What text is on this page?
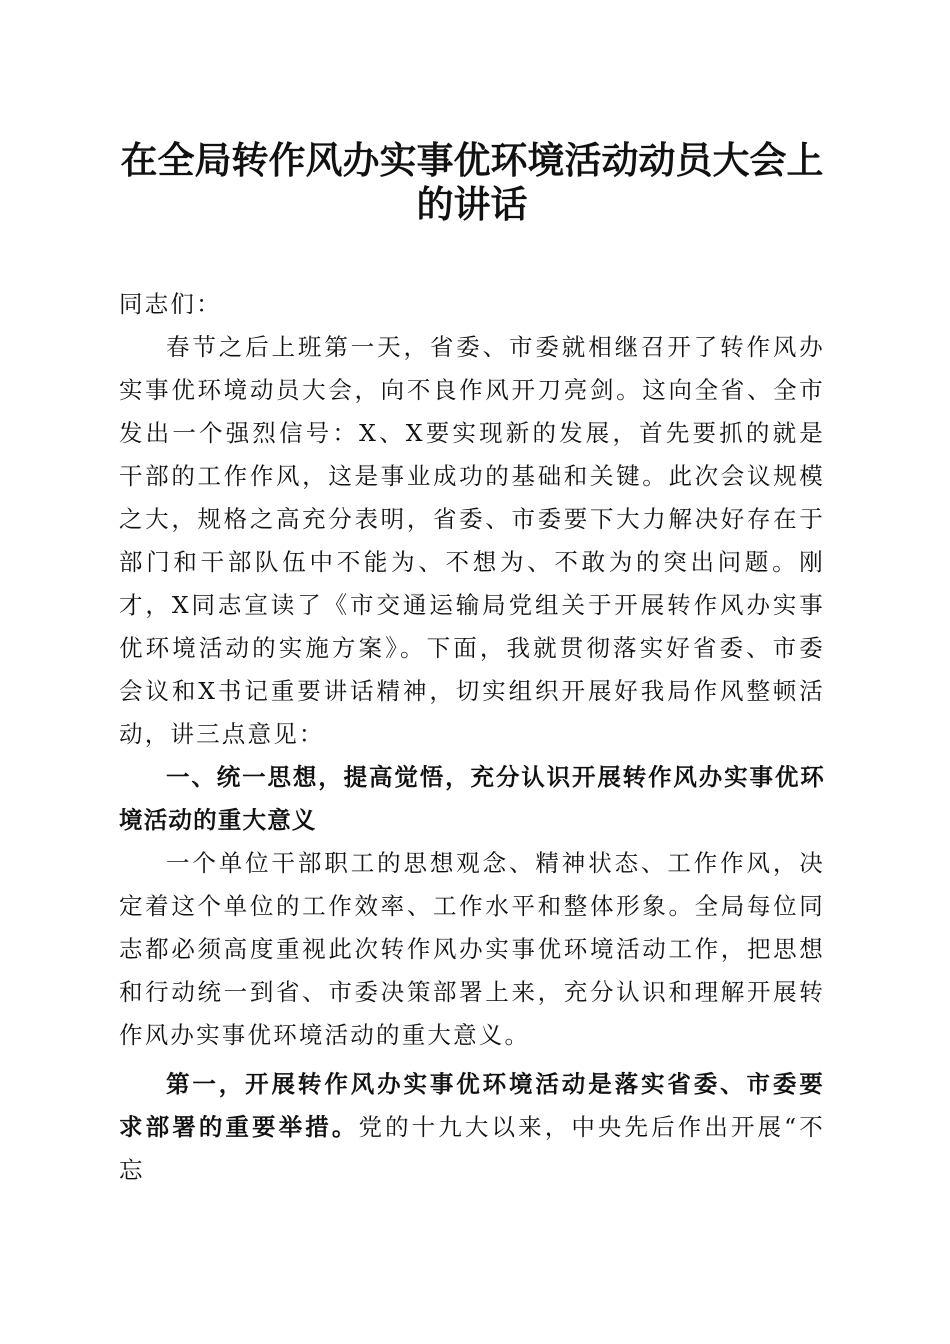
在全局转作风办实事优环境活动动员大会上的讲话

同志们：

春节之后上班第一天，省委、市委就相继召开了转作风办实事优环境动员大会，向不良作风开刀亮剑。这向全省、全市发出一个强烈信号：X、X要实现新的发展，首先要抓的就是干部的工作作风，这是事业成功的基础和关键。此次会议规模之大，规格之高充分表明，省委、市委要下大力解决好存在于部门和干部队伍中不能为、不想为、不敢为的突出问题。刚才，X同志宣读了《市交通运输局党组关于开展转作风办实事优环境活动的实施方案》。下面，我就贯彻落实好省委、市委会议和X书记重要讲话精神，切实组织开展好我局作风整顿活动，讲三点意见：

一、统一思想，提高觉悟，充分认识开展转作风办实事优环境活动的重大意义

一个单位干部职工的思想观念、精神状态、工作作风，决定着这个单位的工作效率、工作水平和整体形象。全局每位同志都必须高度重视此次转作风办实事优环境活动工作，把思想和行动统一到省、市委决策部署上来，充分认识和理解开展转作风办实事优环境活动的重大意义。

第一，开展转作风办实事优环境活动是落实省委、市委要求部署的重要举措。党的十九大以来，中央先后作出开展“不忘
